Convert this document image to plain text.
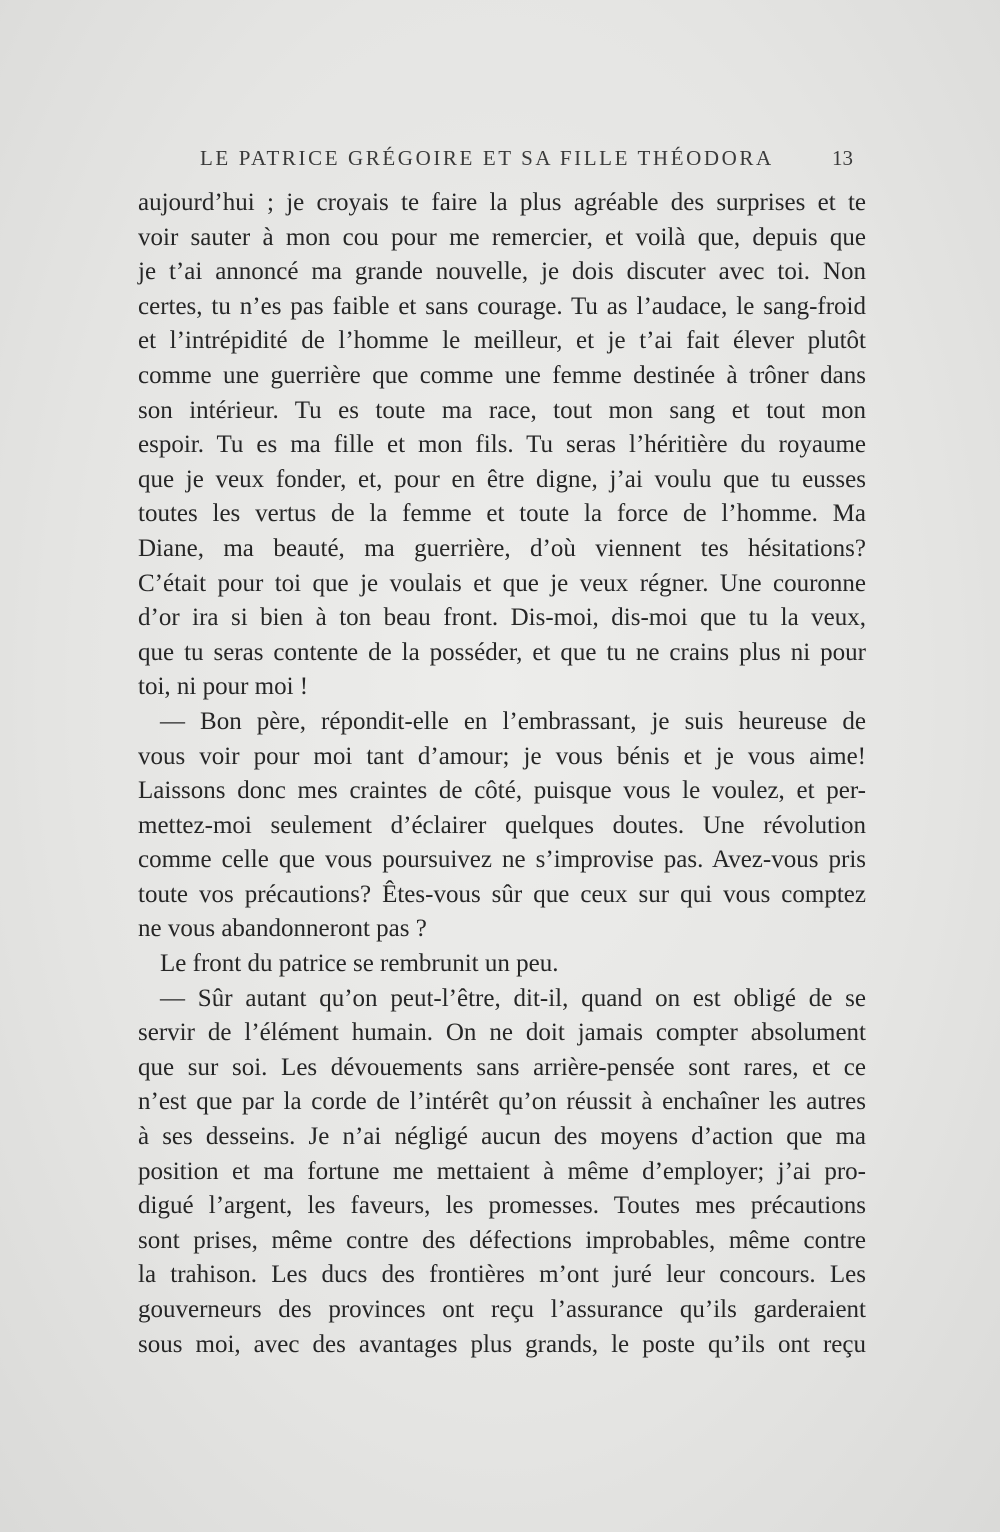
LE PATRICE GRÉGOIRE ET SA FILLE THÉODORA	13
aujourd’hui ; je croyais te faire la plus agréable des surprises et te
voir sauter à mon cou pour me remercier, et voilà que, depuis que
je t’ai annoncé ma grande nouvelle, je dois discuter avec toi. Non
certes, tu n’es pas faible et sans courage. Tu as l’audace, le sang-froid
et l’intrépidité de l’homme le meilleur, et je t’ai fait élever plutôt
comme une guerrière que comme une femme destinée à trôner dans
son intérieur. Tu es toute ma race, tout mon sang et tout mon
espoir. Tu es ma fille et mon fils. Tu seras l’héritière du royaume
que je veux fonder, et, pour en être digne, j’ai voulu que tu eusses
toutes les vertus de la femme et toute la force de l’homme. Ma
Diane, ma beauté, ma guerrière, d’où viennent tes hésitations?
C’était pour toi que je voulais et que je veux régner. Une couronne
d’or ira si bien à ton beau front. Dis-moi, dis-moi que tu la veux,
que tu seras contente de la posséder, et que tu ne crains plus ni pour
toi, ni pour moi !
— Bon père, répondit-elle en l’embrassant, je suis heureuse de
vous voir pour moi tant d’amour; je vous bénis et je vous aime!
Laissons donc mes craintes de côté, puisque vous le voulez, et per-
mettez-moi seulement d’éclairer quelques doutes. Une révolution
comme celle que vous poursuivez ne s’improvise pas. Avez-vous pris
toute vos précautions? Êtes-vous sûr que ceux sur qui vous comptez
ne vous abandonneront pas ?
Le front du patrice se rembrunit un peu.
— Sûr autant qu’on peut-l’être, dit-il, quand on est obligé de se
servir de l’élément humain. On ne doit jamais compter absolument
que sur soi. Les dévouements sans arrière-pensée sont rares, et ce
n’est que par la corde de l’intérêt qu’on réussit à enchaîner les autres
à ses desseins. Je n’ai négligé aucun des moyens d’action que ma
position et ma fortune me mettaient à même d’employer; j’ai pro-
digué l’argent, les faveurs, les promesses. Toutes mes précautions
sont prises, même contre des défections improbables, même contre
la trahison. Les ducs des frontières m’ont juré leur concours. Les
gouverneurs des provinces ont reçu l’assurance qu’ils garderaient
sous moi, avec des avantages plus grands, le poste qu’ils ont reçu
